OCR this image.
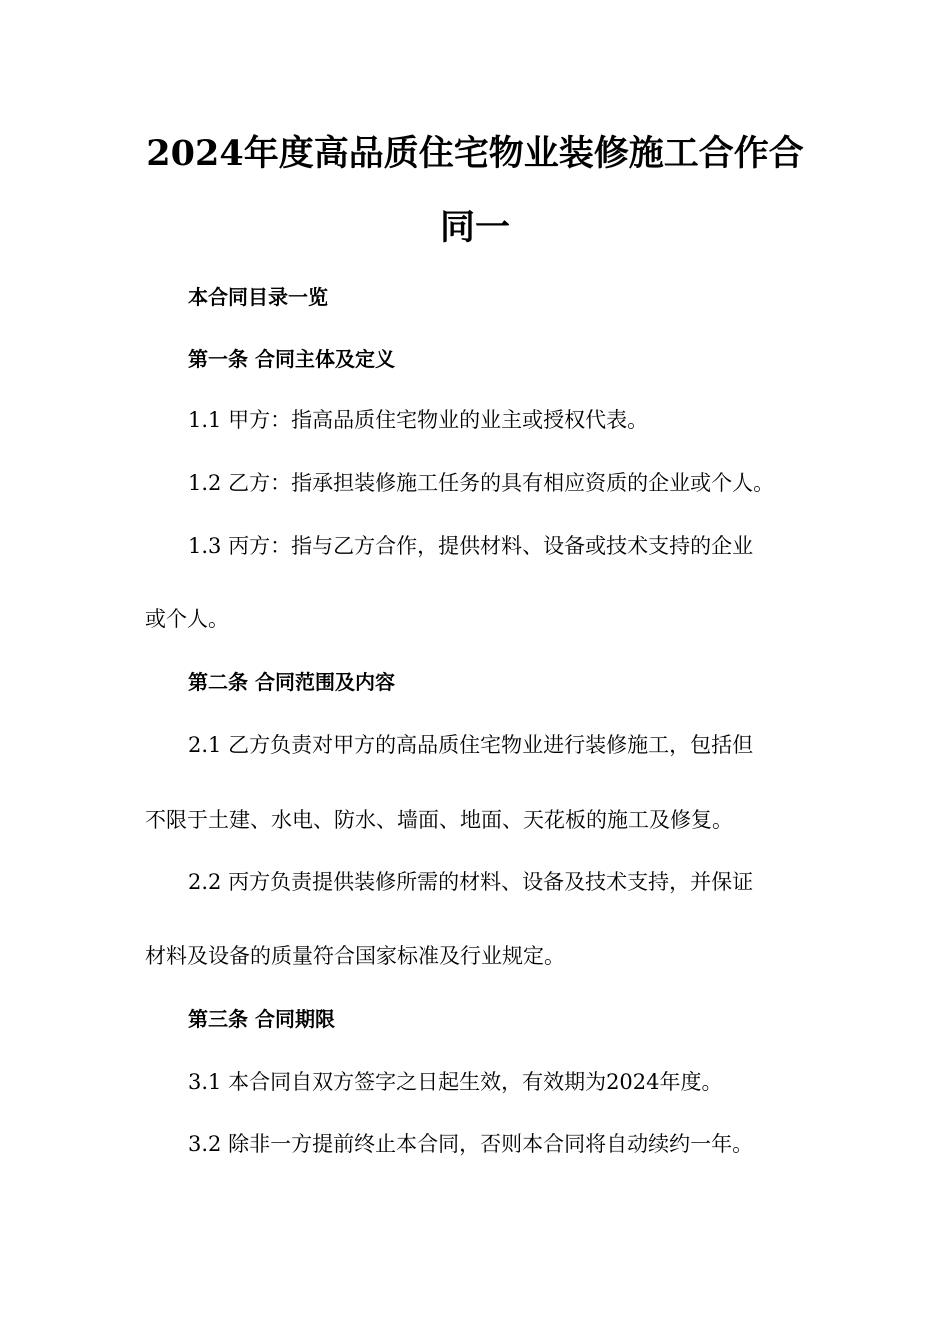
2024年度高品质住宅物业装修施工合作合
同一
本合同目录一览
第一条 合同主体及定义
1.1 甲方：指高品质住宅物业的业主或授权代表。
1.2 乙方：指承担装修施工任务的具有相应资质的企业或个人。
1.3 丙方：指与乙方合作，提供材料、设备或技术支持的企业
或个人。
第二条 合同范围及内容
2.1 乙方负责对甲方的高品质住宅物业进行装修施工，包括但
不限于土建、水电、防水、墙面、地面、天花板的施工及修复。
2.2 丙方负责提供装修所需的材料、设备及技术支持，并保证
材料及设备的质量符合国家标准及行业规定。
第三条 合同期限
3.1 本合同自双方签字之日起生效，有效期为2024年度。
3.2 除非一方提前终止本合同，否则本合同将自动续约一年。
